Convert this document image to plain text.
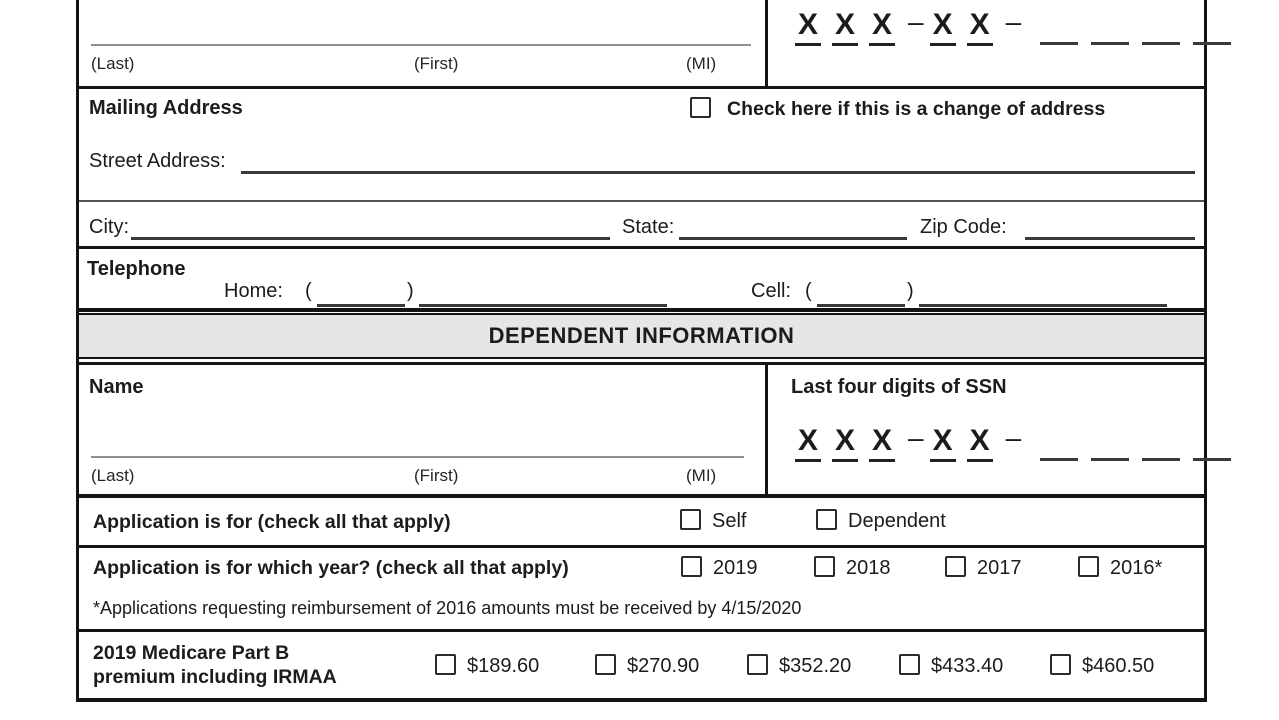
(Last)	(First)	(MI)
X X X – X X –
Mailing Address	Check here if this is a change of address
Street Address:
City:	State:	Zip Code:
Telephone
Home: (	)	Cell: (	)
DEPENDENT INFORMATION
Name	Last four digits of SSN
X X X – X X –
(Last)	(First)	(MI)
Application is for (check all that apply)	Self	Dependent
Application is for which year? (check all that apply)	2019	2018	2017	2016*
*Applications requesting reimbursement of 2016 amounts must be received by 4/15/2020
2019 Medicare Part B
premium including IRMAA	$189.60	$270.90	$352.20	$433.40	$460.50
